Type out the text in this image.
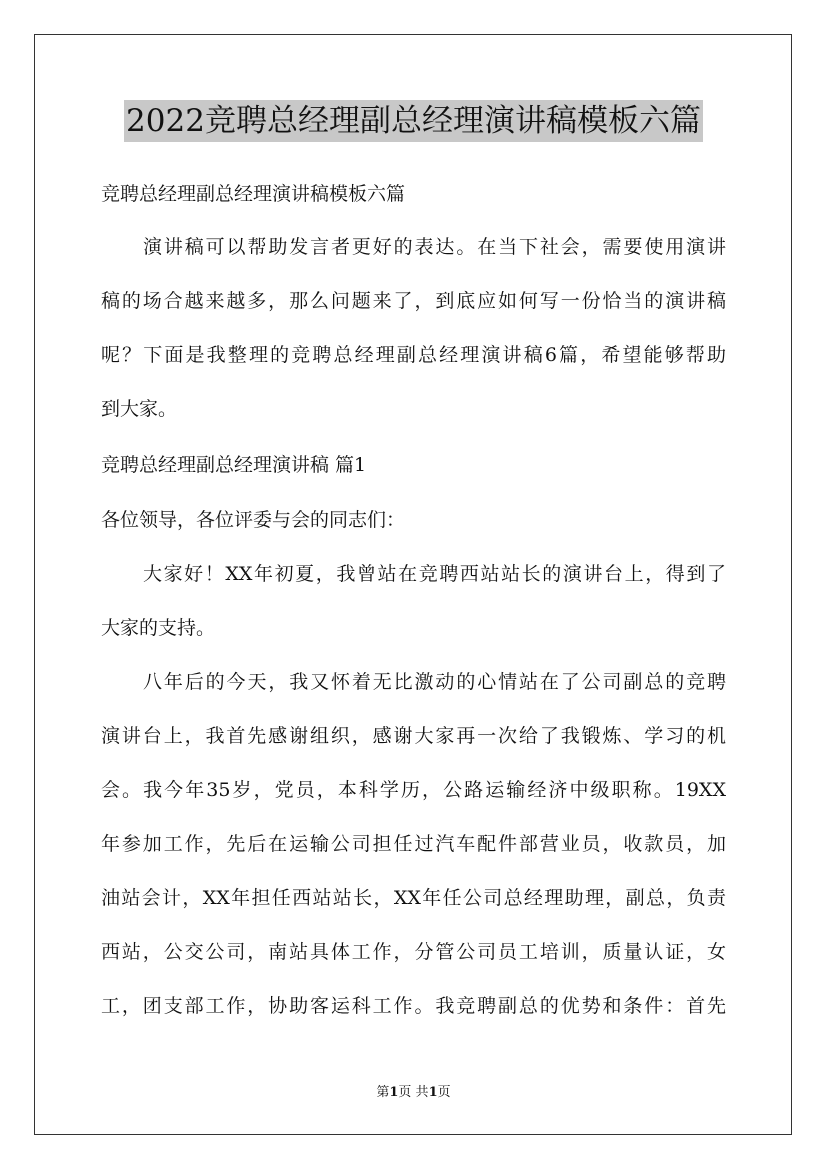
2022竞聘总经理副总经理演讲稿模板六篇
竞聘总经理副总经理演讲稿模板六篇
演讲稿可以帮助发言者更好的表达。在当下社会，需要使用演讲
稿的场合越来越多，那么问题来了，到底应如何写一份恰当的演讲稿
呢？下面是我整理的竞聘总经理副总经理演讲稿6篇，希望能够帮助
到大家。
竞聘总经理副总经理演讲稿 篇1
各位领导，各位评委与会的同志们：
大家好！XX年初夏，我曾站在竞聘西站站长的演讲台上，得到了
大家的支持。
八年后的今天，我又怀着无比激动的心情站在了公司副总的竞聘
演讲台上，我首先感谢组织，感谢大家再一次给了我锻炼、学习的机
会。我今年35岁，党员，本科学历，公路运输经济中级职称。19XX
年参加工作，先后在运输公司担任过汽车配件部营业员，收款员，加
油站会计，XX年担任西站站长，XX年任公司总经理助理，副总，负责
西站，公交公司，南站具体工作，分管公司员工培训，质量认证，女
工，团支部工作，协助客运科工作。我竞聘副总的优势和条件：首先
第1页 共1页
